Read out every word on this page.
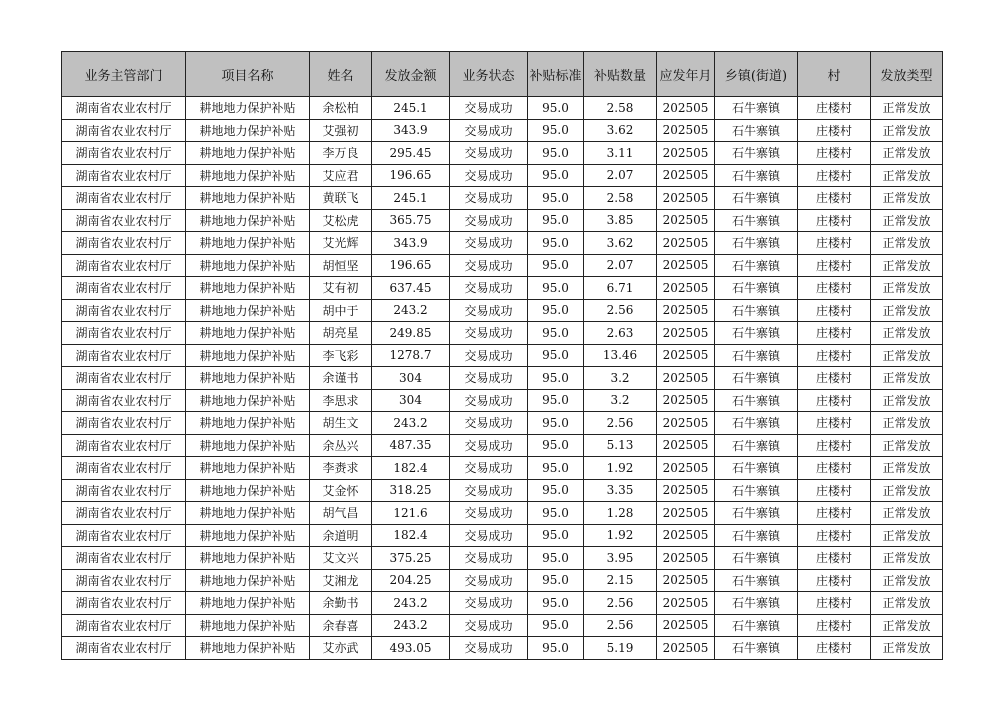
业务主管部门	项目名称	姓名	发放金额	业务状态	补贴标准	补贴数量	应发年月	乡镇(街道)	村	发放类型
湖南省农业农村厅	耕地地力保护补贴	余松柏	245.1	交易成功	95.0	2.58	202505	石牛寨镇	庄楼村	正常发放
湖南省农业农村厅	耕地地力保护补贴	艾强初	343.9	交易成功	95.0	3.62	202505	石牛寨镇	庄楼村	正常发放
湖南省农业农村厅	耕地地力保护补贴	李万良	295.45	交易成功	95.0	3.11	202505	石牛寨镇	庄楼村	正常发放
湖南省农业农村厅	耕地地力保护补贴	艾应君	196.65	交易成功	95.0	2.07	202505	石牛寨镇	庄楼村	正常发放
湖南省农业农村厅	耕地地力保护补贴	黄联飞	245.1	交易成功	95.0	2.58	202505	石牛寨镇	庄楼村	正常发放
湖南省农业农村厅	耕地地力保护补贴	艾松虎	365.75	交易成功	95.0	3.85	202505	石牛寨镇	庄楼村	正常发放
湖南省农业农村厅	耕地地力保护补贴	艾光辉	343.9	交易成功	95.0	3.62	202505	石牛寨镇	庄楼村	正常发放
湖南省农业农村厅	耕地地力保护补贴	胡恒坚	196.65	交易成功	95.0	2.07	202505	石牛寨镇	庄楼村	正常发放
湖南省农业农村厅	耕地地力保护补贴	艾有初	637.45	交易成功	95.0	6.71	202505	石牛寨镇	庄楼村	正常发放
湖南省农业农村厅	耕地地力保护补贴	胡中于	243.2	交易成功	95.0	2.56	202505	石牛寨镇	庄楼村	正常发放
湖南省农业农村厅	耕地地力保护补贴	胡亮星	249.85	交易成功	95.0	2.63	202505	石牛寨镇	庄楼村	正常发放
湖南省农业农村厅	耕地地力保护补贴	李飞彩	1278.7	交易成功	95.0	13.46	202505	石牛寨镇	庄楼村	正常发放
湖南省农业农村厅	耕地地力保护补贴	余谨书	304	交易成功	95.0	3.2	202505	石牛寨镇	庄楼村	正常发放
湖南省农业农村厅	耕地地力保护补贴	李思求	304	交易成功	95.0	3.2	202505	石牛寨镇	庄楼村	正常发放
湖南省农业农村厅	耕地地力保护补贴	胡生文	243.2	交易成功	95.0	2.56	202505	石牛寨镇	庄楼村	正常发放
湖南省农业农村厅	耕地地力保护补贴	余丛兴	487.35	交易成功	95.0	5.13	202505	石牛寨镇	庄楼村	正常发放
湖南省农业农村厅	耕地地力保护补贴	李赉求	182.4	交易成功	95.0	1.92	202505	石牛寨镇	庄楼村	正常发放
湖南省农业农村厅	耕地地力保护补贴	艾金怀	318.25	交易成功	95.0	3.35	202505	石牛寨镇	庄楼村	正常发放
湖南省农业农村厅	耕地地力保护补贴	胡气昌	121.6	交易成功	95.0	1.28	202505	石牛寨镇	庄楼村	正常发放
湖南省农业农村厅	耕地地力保护补贴	余道明	182.4	交易成功	95.0	1.92	202505	石牛寨镇	庄楼村	正常发放
湖南省农业农村厅	耕地地力保护补贴	艾文兴	375.25	交易成功	95.0	3.95	202505	石牛寨镇	庄楼村	正常发放
湖南省农业农村厅	耕地地力保护补贴	艾湘龙	204.25	交易成功	95.0	2.15	202505	石牛寨镇	庄楼村	正常发放
湖南省农业农村厅	耕地地力保护补贴	余勤书	243.2	交易成功	95.0	2.56	202505	石牛寨镇	庄楼村	正常发放
湖南省农业农村厅	耕地地力保护补贴	余春喜	243.2	交易成功	95.0	2.56	202505	石牛寨镇	庄楼村	正常发放
湖南省农业农村厅	耕地地力保护补贴	艾亦武	493.05	交易成功	95.0	5.19	202505	石牛寨镇	庄楼村	正常发放
